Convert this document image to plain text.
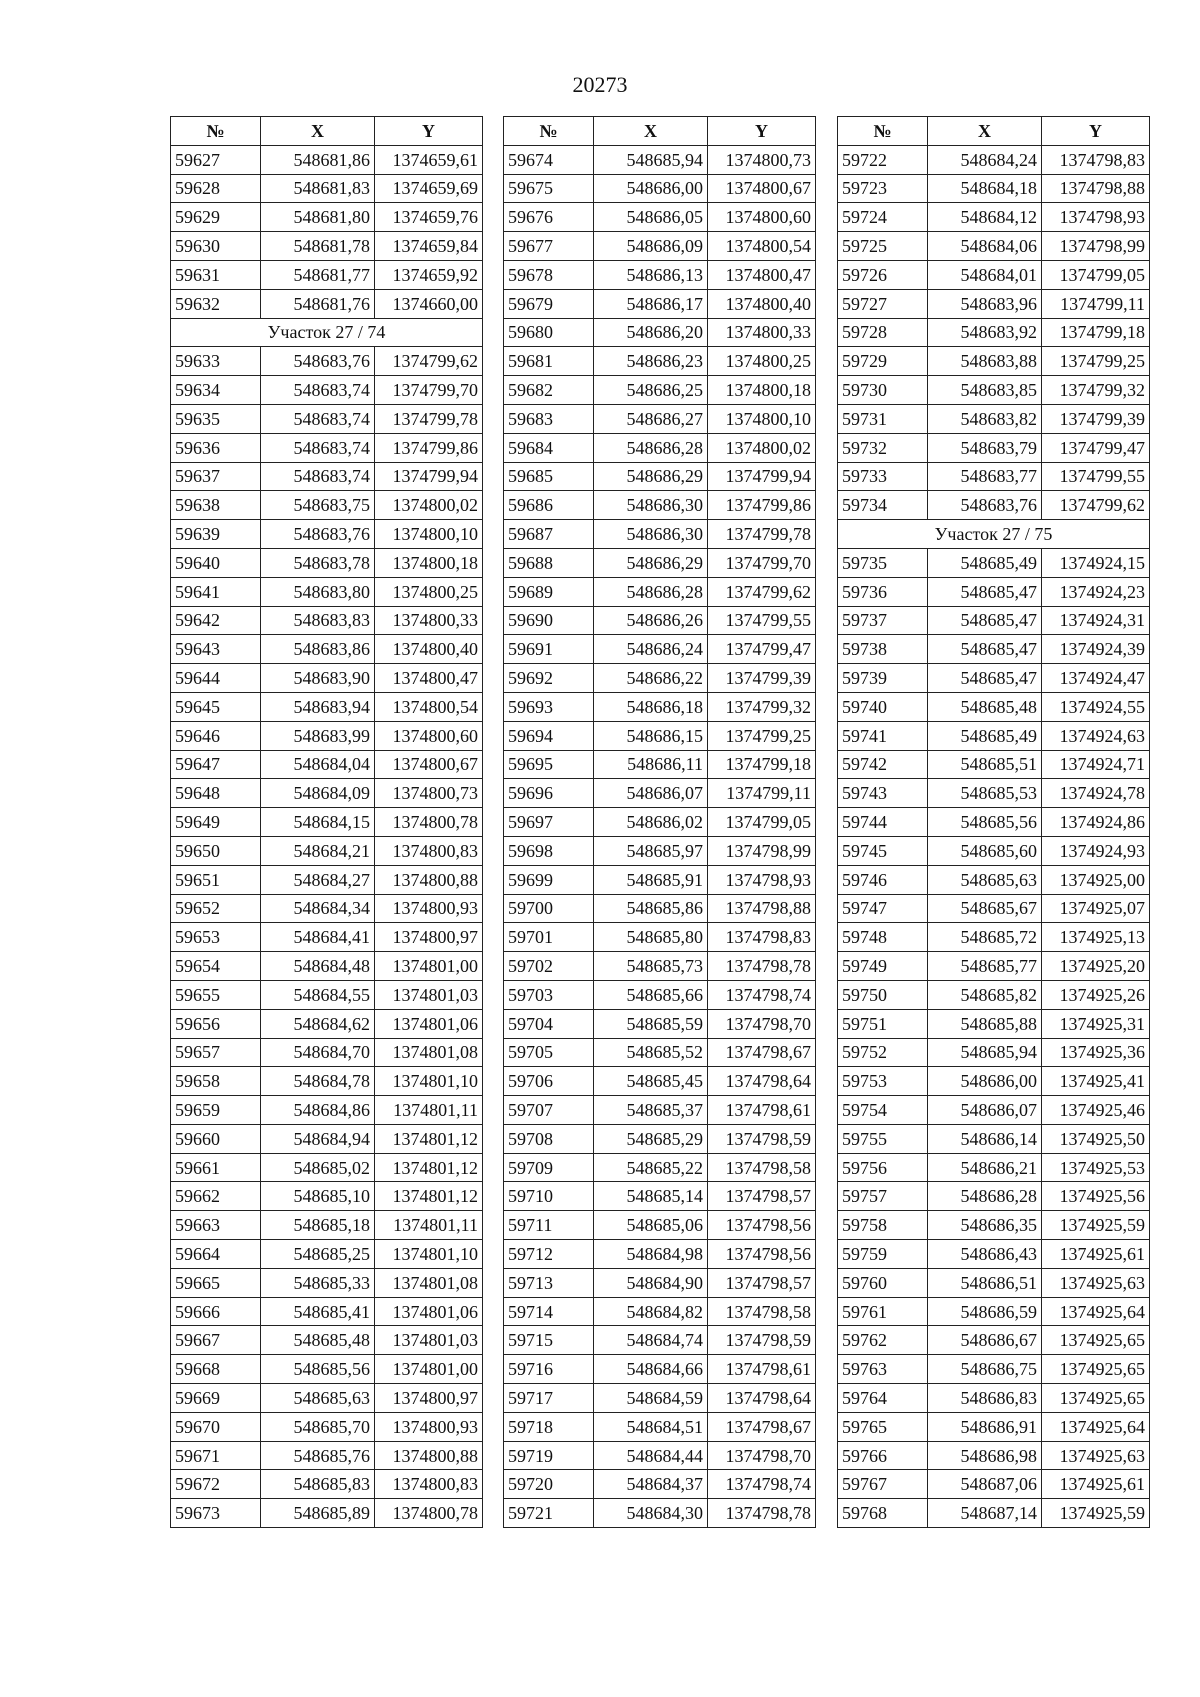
20273
№	X	Y
59627	548681,86	1374659,61
59628	548681,83	1374659,69
59629	548681,80	1374659,76
59630	548681,78	1374659,84
59631	548681,77	1374659,92
59632	548681,76	1374660,00
Участок 27 / 74		
59633	548683,76	1374799,62
59634	548683,74	1374799,70
59635	548683,74	1374799,78
59636	548683,74	1374799,86
59637	548683,74	1374799,94
59638	548683,75	1374800,02
59639	548683,76	1374800,10
59640	548683,78	1374800,18
59641	548683,80	1374800,25
59642	548683,83	1374800,33
59643	548683,86	1374800,40
59644	548683,90	1374800,47
59645	548683,94	1374800,54
59646	548683,99	1374800,60
59647	548684,04	1374800,67
59648	548684,09	1374800,73
59649	548684,15	1374800,78
59650	548684,21	1374800,83
59651	548684,27	1374800,88
59652	548684,34	1374800,93
59653	548684,41	1374800,97
59654	548684,48	1374801,00
59655	548684,55	1374801,03
59656	548684,62	1374801,06
59657	548684,70	1374801,08
59658	548684,78	1374801,10
59659	548684,86	1374801,11
59660	548684,94	1374801,12
59661	548685,02	1374801,12
59662	548685,10	1374801,12
59663	548685,18	1374801,11
59664	548685,25	1374801,10
59665	548685,33	1374801,08
59666	548685,41	1374801,06
59667	548685,48	1374801,03
59668	548685,56	1374801,00
59669	548685,63	1374800,97
59670	548685,70	1374800,93
59671	548685,76	1374800,88
59672	548685,83	1374800,83
59673	548685,89	1374800,78
№	X	Y
59674	548685,94	1374800,73
59675	548686,00	1374800,67
59676	548686,05	1374800,60
59677	548686,09	1374800,54
59678	548686,13	1374800,47
59679	548686,17	1374800,40
59680	548686,20	1374800,33
59681	548686,23	1374800,25
59682	548686,25	1374800,18
59683	548686,27	1374800,10
59684	548686,28	1374800,02
59685	548686,29	1374799,94
59686	548686,30	1374799,86
59687	548686,30	1374799,78
59688	548686,29	1374799,70
59689	548686,28	1374799,62
59690	548686,26	1374799,55
59691	548686,24	1374799,47
59692	548686,22	1374799,39
59693	548686,18	1374799,32
59694	548686,15	1374799,25
59695	548686,11	1374799,18
59696	548686,07	1374799,11
59697	548686,02	1374799,05
59698	548685,97	1374798,99
59699	548685,91	1374798,93
59700	548685,86	1374798,88
59701	548685,80	1374798,83
59702	548685,73	1374798,78
59703	548685,66	1374798,74
59704	548685,59	1374798,70
59705	548685,52	1374798,67
59706	548685,45	1374798,64
59707	548685,37	1374798,61
59708	548685,29	1374798,59
59709	548685,22	1374798,58
59710	548685,14	1374798,57
59711	548685,06	1374798,56
59712	548684,98	1374798,56
59713	548684,90	1374798,57
59714	548684,82	1374798,58
59715	548684,74	1374798,59
59716	548684,66	1374798,61
59717	548684,59	1374798,64
59718	548684,51	1374798,67
59719	548684,44	1374798,70
59720	548684,37	1374798,74
59721	548684,30	1374798,78
№	X	Y
59722	548684,24	1374798,83
59723	548684,18	1374798,88
59724	548684,12	1374798,93
59725	548684,06	1374798,99
59726	548684,01	1374799,05
59727	548683,96	1374799,11
59728	548683,92	1374799,18
59729	548683,88	1374799,25
59730	548683,85	1374799,32
59731	548683,82	1374799,39
59732	548683,79	1374799,47
59733	548683,77	1374799,55
59734	548683,76	1374799,62
Участок 27 / 75		
59735	548685,49	1374924,15
59736	548685,47	1374924,23
59737	548685,47	1374924,31
59738	548685,47	1374924,39
59739	548685,47	1374924,47
59740	548685,48	1374924,55
59741	548685,49	1374924,63
59742	548685,51	1374924,71
59743	548685,53	1374924,78
59744	548685,56	1374924,86
59745	548685,60	1374924,93
59746	548685,63	1374925,00
59747	548685,67	1374925,07
59748	548685,72	1374925,13
59749	548685,77	1374925,20
59750	548685,82	1374925,26
59751	548685,88	1374925,31
59752	548685,94	1374925,36
59753	548686,00	1374925,41
59754	548686,07	1374925,46
59755	548686,14	1374925,50
59756	548686,21	1374925,53
59757	548686,28	1374925,56
59758	548686,35	1374925,59
59759	548686,43	1374925,61
59760	548686,51	1374925,63
59761	548686,59	1374925,64
59762	548686,67	1374925,65
59763	548686,75	1374925,65
59764	548686,83	1374925,65
59765	548686,91	1374925,64
59766	548686,98	1374925,63
59767	548687,06	1374925,61
59768	548687,14	1374925,59
